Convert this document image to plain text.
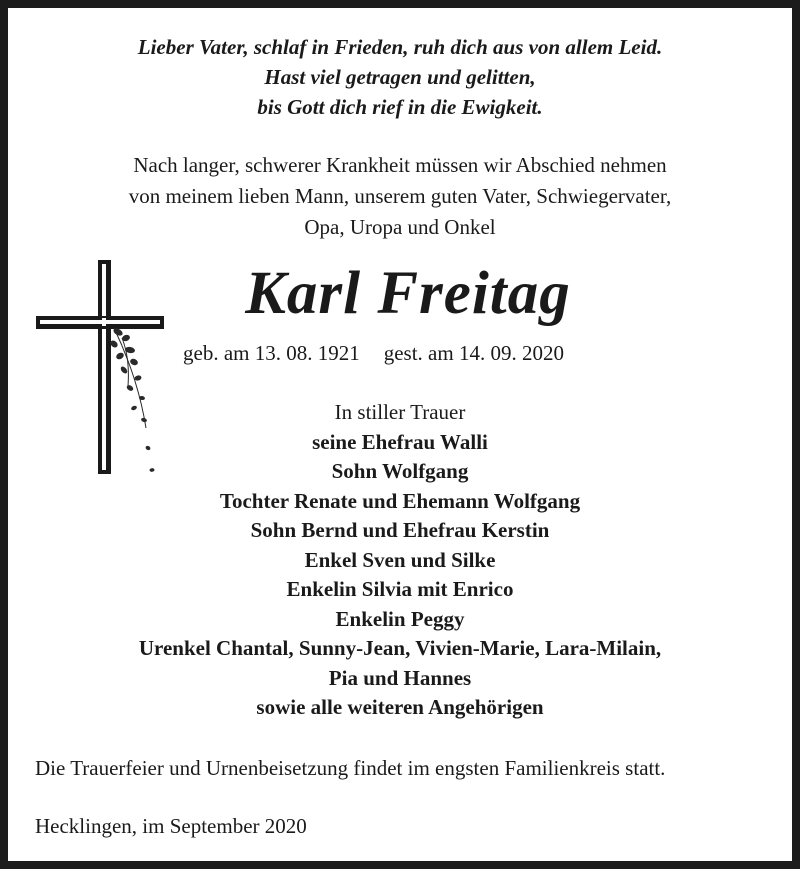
Lieber Vater, schlaf in Frieden, ruh dich aus von allem Leid.
Hast viel getragen und gelitten,
bis Gott dich rief in die Ewigkeit.
Nach langer, schwerer Krankheit müssen wir Abschied nehmen
von meinem lieben Mann, unserem guten Vater, Schwiegervater,
Opa, Uropa und Onkel
Karl Freitag
geb. am 13. 08. 1921 gest. am 14. 09. 2020
In stiller Trauer
seine Ehefrau Walli
Sohn Wolfgang
Tochter Renate und Ehemann Wolfgang
Sohn Bernd und Ehefrau Kerstin
Enkel Sven und Silke
Enkelin Silvia mit Enrico
Enkelin Peggy
Urenkel Chantal, Sunny-Jean, Vivien-Marie, Lara-Milain,
Pia und Hannes
sowie alle weiteren Angehörigen
Die Trauerfeier und Urnenbeisetzung findet im engsten Familienkreis statt.
Hecklingen, im September 2020
